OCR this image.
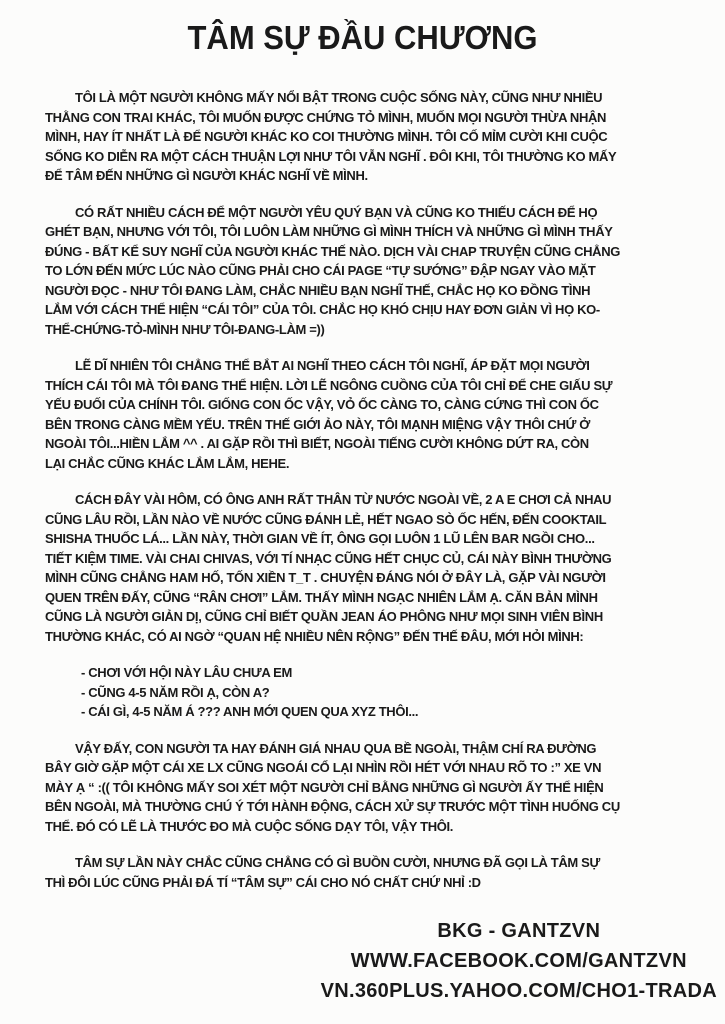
TÂM SỰ ĐẦU CHƯƠNG
TÔI LÀ MỘT NGƯỜI KHÔNG MẤY NỔI BẬT TRONG CUỘC SỐNG NÀY, CŨNG NHƯ NHIỀU
THẰNG CON TRAI KHÁC, TÔI MUỐN ĐƯỢC CHỨNG TỎ MÌNH, MUỐN MỌI NGƯỜI THỪA NHẬN
MÌNH, HAY ÍT NHẤT LÀ ĐỂ NGƯỜI KHÁC KO COI THƯỜNG MÌNH. TÔI CỐ MỈM CƯỜI KHI CUỘC
SỐNG KO DIỄN RA MỘT CÁCH THUẬN LỢI NHƯ TÔI VẪN NGHĨ . ĐÔI KHI, TÔI THƯỜNG KO MẤY
ĐỂ TÂM ĐẾN NHỮNG GÌ NGƯỜI KHÁC NGHĨ VỀ MÌNH.
CÓ RẤT NHIỀU CÁCH ĐỂ MỘT NGƯỜI YÊU QUÝ BẠN VÀ CŨNG KO THIẾU CÁCH ĐỂ HỌ
GHÉT BẠN, NHƯNG VỚI TÔI, TÔI LUÔN LÀM NHỮNG GÌ MÌNH THÍCH VÀ NHỮNG GÌ MÌNH THẤY
ĐÚNG - BẤT KỂ SUY NGHĨ CỦA NGƯỜI KHÁC THẾ NÀO. DỊCH VÀI CHAP TRUYỆN CŨNG CHẲNG
TO LỚN ĐẾN MỨC LÚC NÀO CŨNG PHẢI CHO CÁI PAGE “TỰ SƯỚNG” ĐẬP NGAY VÀO MẶT
NGƯỜI ĐỌC - NHƯ TÔI ĐANG LÀM, CHẮC NHIỀU BẠN NGHĨ THẾ, CHẮC HỌ KO ĐỒNG TÌNH
LẮM VỚI CÁCH THỂ HIỆN “CÁI TÔI” CỦA TÔI. CHẮC HỌ KHÓ CHỊU HAY ĐƠN GIẢN VÌ HỌ KO-
THỂ-CHỨNG-TỎ-MÌNH NHƯ TÔI-ĐANG-LÀM =))
LẼ DĨ NHIÊN TÔI CHẲNG THỂ BẮT AI NGHĨ THEO CÁCH TÔI NGHĨ, ÁP ĐẶT MỌI NGƯỜI
THÍCH CÁI TÔI MÀ TÔI ĐANG THỂ HIỆN. LỜI LẼ NGÔNG CUỒNG CỦA TÔI CHỈ ĐỂ CHE GIẤU SỰ
YẾU ĐUỐI CỦA CHÍNH TÔI. GIỐNG CON ỐC VẬY, VỎ ỐC CÀNG TO, CÀNG CỨNG THÌ CON ỐC
BÊN TRONG CÀNG MỀM YẾU. TRÊN THẾ GIỚI ẢO NÀY, TÔI MẠNH MIỆNG VẬY THÔI CHỨ Ở
NGOÀI TÔI...HIỀN LẮM ^^ . AI GẶP RỒI THÌ BIẾT, NGOÀI TIẾNG CƯỜI KHÔNG DỨT RA, CÒN
LẠI CHẮC CŨNG KHÁC LẮM LẮM, HEHE.
CÁCH ĐÂY VÀI HÔM, CÓ ÔNG ANH RẤT THÂN TỪ NƯỚC NGOÀI VỀ, 2 A E CHƠI CẢ NHAU
CŨNG LÂU RỒI, LẦN NÀO VỀ NƯỚC CŨNG ĐÁNH LẺ, HẾT NGAO SÒ ỐC HẾN, ĐẾN COOKTAIL
SHISHA THUỐC LÁ... LẦN NÀY, THỜI GIAN VỀ ÍT, ÔNG GỌI LUÔN 1 LŨ LÊN BAR NGỒI CHO...
TIẾT KIỆM TIME. VÀI CHAI CHIVAS, VỚI TÍ NHẠC CŨNG HẾT CHỤC CỦ, CÁI NÀY BÌNH THƯỜNG
MÌNH CŨNG CHẲNG HAM HỐ, TỐN XIỀN T_T . CHUYỆN ĐÁNG NÓI Ở ĐÂY LÀ, GẶP VÀI NGƯỜI
QUEN TRÊN ĐẤY, CŨNG “RÂN CHƠI” LẮM. THẤY MÌNH NGẠC NHIÊN LẮM Ạ. CĂN BẢN MÌNH
CŨNG LÀ NGƯỜI GIẢN DỊ, CŨNG CHỈ BIẾT QUẦN JEAN ÁO PHÔNG NHƯ MỌI SINH VIÊN BÌNH
THƯỜNG KHÁC, CÓ AI NGỜ “QUAN HỆ NHIỀU NÊN RỘNG” ĐẾN THẾ ĐÂU, MỚI HỎI MÌNH:
- CHƠI VỚI HỘI NÀY LÂU CHƯA EM
- CŨNG 4-5 NĂM RỒI Ạ, CÒN A?
- CÁI GÌ, 4-5 NĂM Á ??? ANH MỚI QUEN QUA XYZ THÔI...
VẬY ĐẤY, CON NGƯỜI TA HAY ĐÁNH GIÁ NHAU QUA BỀ NGOÀI, THẬM CHÍ RA ĐƯỜNG
BÂY GIỜ GẶP MỘT CÁI XE LX CŨNG NGOÁI CỔ LẠI NHÌN RỒI HÉT VỚI NHAU RÕ TO :” XE VN
MÀY Ạ “ :(( TÔI KHÔNG MẤY SOI XÉT MỘT NGƯỜI CHỈ BẰNG NHỮNG GÌ NGƯỜI ẤY THỂ HIỆN
BÊN NGOÀI, MÀ THƯỜNG CHÚ Ý TỚI HÀNH ĐỘNG, CÁCH XỬ SỰ TRƯỚC MỘT TÌNH HUỐNG CỤ
THỂ. ĐÓ CÓ LẼ LÀ THƯỚC ĐO MÀ CUỘC SỐNG DẠY TÔI, VẬY THÔI.
TÂM SỰ LẦN NÀY CHẮC CŨNG CHẲNG CÓ GÌ BUỒN CƯỜI, NHƯNG ĐÃ GỌI LÀ TÂM SỰ
THÌ ĐÔI LÚC CŨNG PHẢI ĐÁ TÍ “TÂM SỰ” CÁI CHO NÓ CHẤT CHỨ NHỈ :D
BKG - GANTZVN
WWW.FACEBOOK.COM/GANTZVN
VN.360PLUS.YAHOO.COM/CHO1-TRADA
